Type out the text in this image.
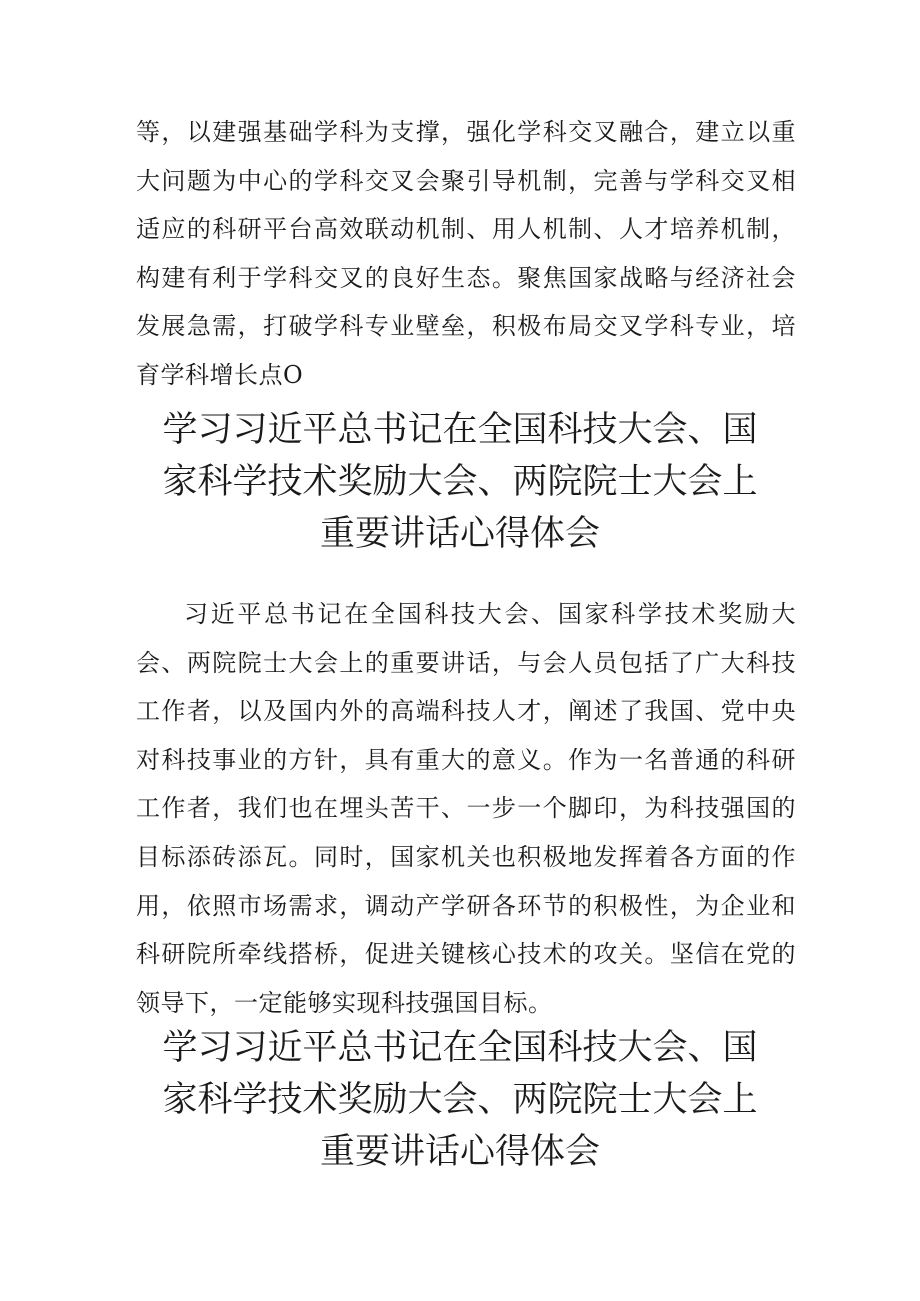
等，以建强基础学科为支撑，强化学科交叉融合，建立以重大问题为中心的学科交叉会聚引导机制，完善与学科交叉相适应的科研平台高效联动机制、用人机制、人才培养机制，构建有利于学科交叉的良好生态。聚焦国家战略与经济社会发展急需，打破学科专业壁垒，积极布局交叉学科专业，培育学科增长点O

学习习近平总书记在全国科技大会、国家科学技术奖励大会、两院院士大会上重要讲话心得体会

习近平总书记在全国科技大会、国家科学技术奖励大会、两院院士大会上的重要讲话，与会人员包括了广大科技工作者，以及国内外的高端科技人才，阐述了我国、党中央对科技事业的方针，具有重大的意义。作为一名普通的科研工作者，我们也在埋头苦干、一步一个脚印，为科技强国的目标添砖添瓦。同时，国家机关也积极地发挥着各方面的作用，依照市场需求，调动产学研各环节的积极性，为企业和科研院所牵线搭桥，促进关键核心技术的攻关。坚信在党的领导下，一定能够实现科技强国目标。

学习习近平总书记在全国科技大会、国家科学技术奖励大会、两院院士大会上重要讲话心得体会
